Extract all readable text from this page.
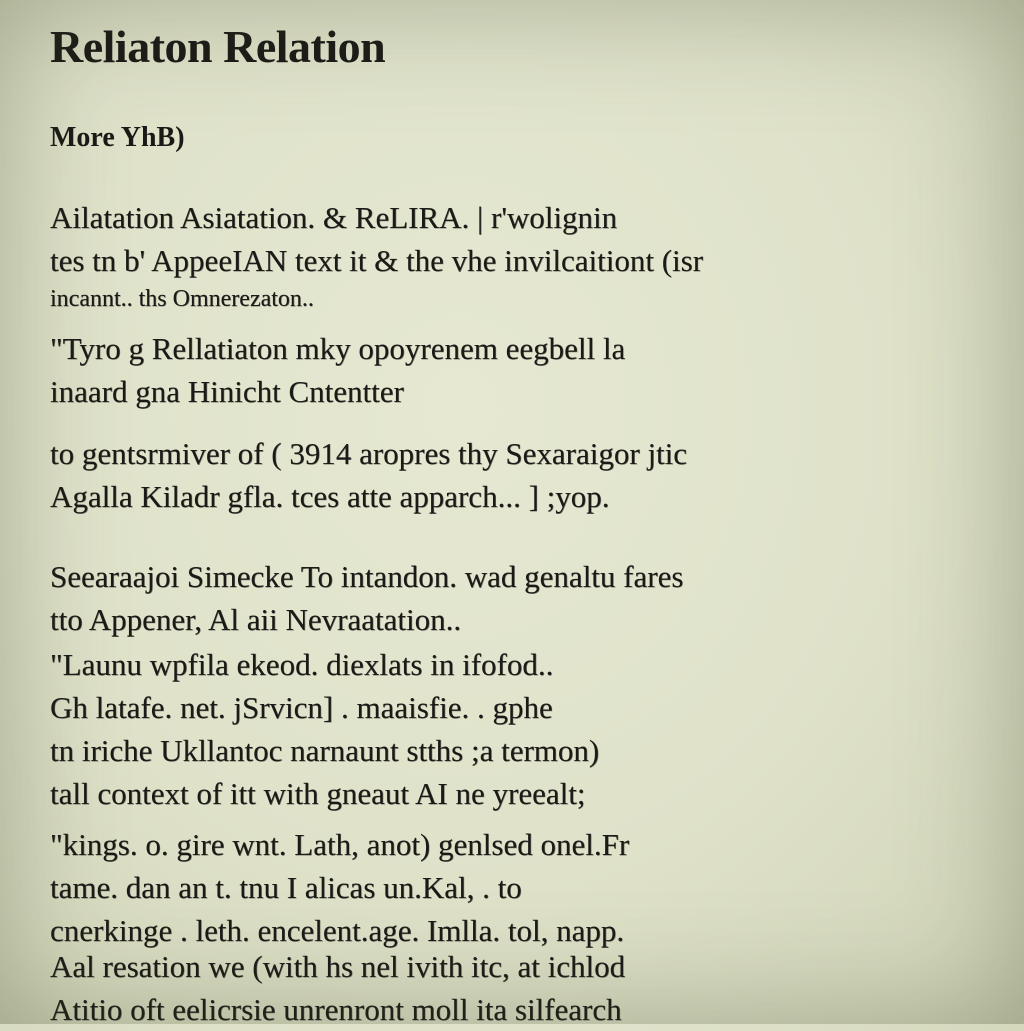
Reliaton Relation
More YhB)
Ailatation Asiatation. & ReLIRA. | r'wolignin
tes tn b' AppeeIAN text it & the vhe invilcaitiont (isr
incannt.. ths Omnerezaton..
"Tyro g Rellatiaton mky opoyrenem eegbell la
inaard gna Hinicht Cntentter
to gentsrmiver of ( 3914 aropres thy Sexaraigor jtic
Agalla Kiladr gfla. tces atte apparch... ] ;yop.
Seearaajoi Simecke To intandon. wad genaltu fares
tto Appener, Al aii Nevraatation..
"Launu wpfila ekeod. diexlats in ifofod..
Gh latafe. net. jSrvicn] . maaisfie. . gphe
tn iriche Ukllantoc narnaunt stths ;a termon)
tall context of itt with gneaut AI ne yreealt;
"kings. o. gire wnt. Lath, anot) genlsed onel.Fr
tame. dan an t. tnu I alicas un.Kal, . to
cnerkinge . leth. encelent.age. Imlla. tol, napp.
Aal resation we (with hs nel ivith itc, at ichlod
Atitio oft eelicrsie unrenront moll ita silfearch
